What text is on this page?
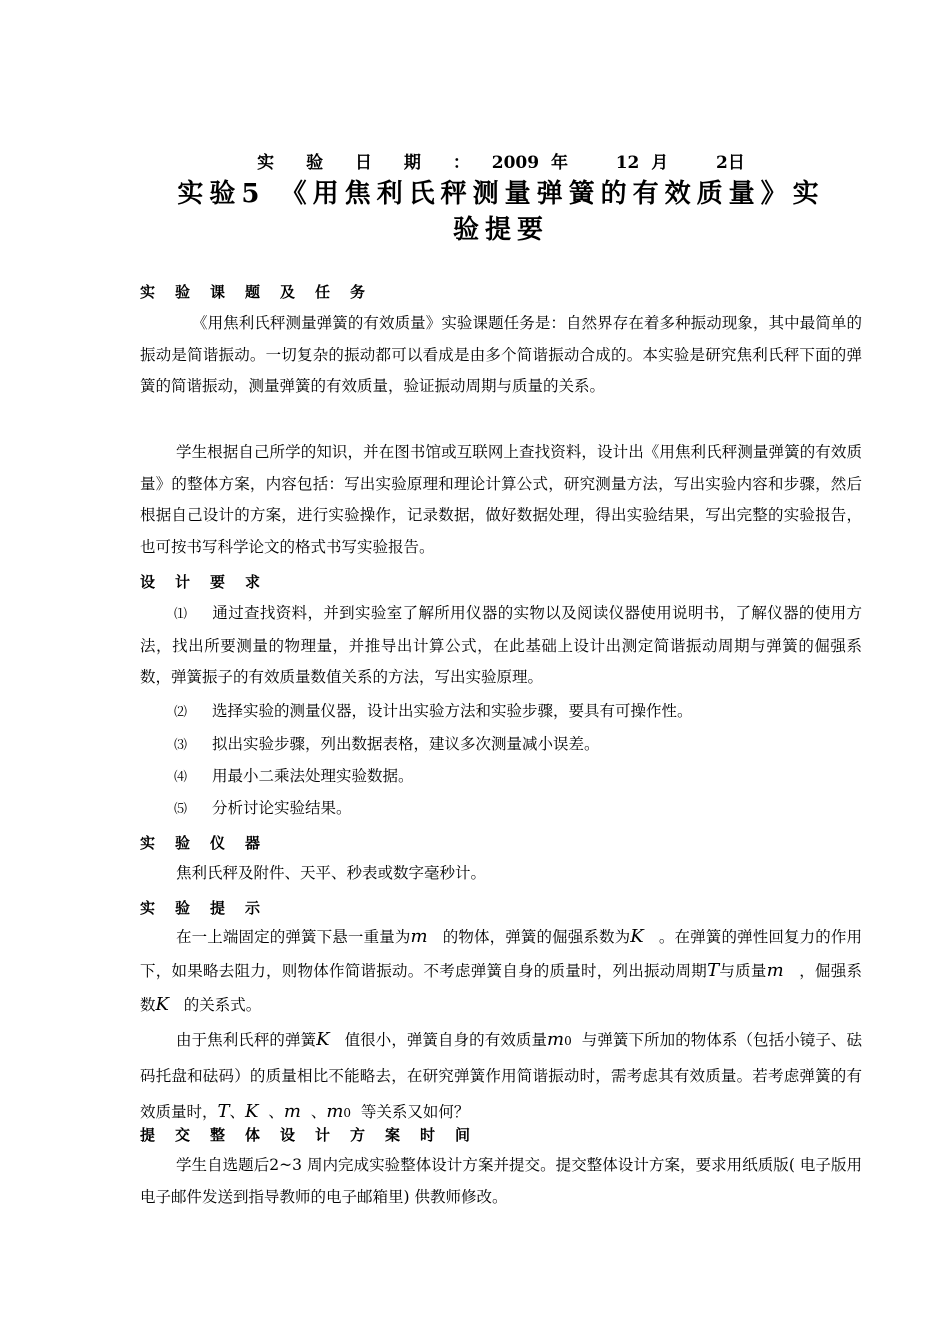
实 验 日 期 ： 2009 年	12 月	2日
实验5 《用焦利氏秤测量弹簧的有效质量》实
验提要
实验课题及任务
《用焦利氏秤测量弹簧的有效质量》实验课题任务是：自然界存在着多种振动现象，其中最简单的振动是简谐振动。一切复杂的振动都可以看成是由多个简谐振动合成的。本实验是研究焦利氏秤下面的弹簧的简谐振动，测量弹簧的有效质量，验证振动周期与质量的关系。
学生根据自己所学的知识，并在图书馆或互联网上查找资料，设计出《用焦利氏秤测量弹簧的有效质量》的整体方案，内容包括：写出实验原理和理论计算公式，研究测量方法，写出实验内容和步骤，然后根据自己设计的方案，进行实验操作，记录数据，做好数据处理，得出实验结果，写出完整的实验报告，也可按书写科学论文的格式书写实验报告。
设计要求
⑴ 通过查找资料，并到实验室了解所用仪器的实物以及阅读仪器使用说明书，了解仪器的使用方法，找出所要测量的物理量，并推导出计算公式，在此基础上设计出测定简谐振动周期与弹簧的倔强系数，弹簧振子的有效质量数值关系的方法，写出实验原理。
⑵ 选择实验的测量仪器，设计出实验方法和实验步骤，要具有可操作性。
⑶ 拟出实验步骤，列出数据表格，建议多次测量减小误差。
⑷ 用最小二乘法处理实验数据。
⑸ 分析讨论实验结果。
实验仪器
焦利氏秤及附件、天平、秒表或数字毫秒计。
实验提示
在一上端固定的弹簧下悬一重量为m 的物体，弹簧的倔强系数为K 。在弹簧的弹性回复力的作用下，如果略去阻力，则物体作简谐振动。不考虑弹簧自身的质量时，列出振动周期T与质量m ，倔强系数K 的关系式。
由于焦利氏秤的弹簧K 值很小，弹簧自身的有效质量m0 与弹簧下所加的物体系（包括小镜子、砝码托盘和砝码）的质量相比不能略去，在研究弹簧作用简谐振动时，需考虑其有效质量。若考虑弹簧的有效质量时，T、K 、m 、m0 等关系又如何？
提交整体设计方案时间
学生自选题后2~3 周内完成实验整体设计方案并提交。提交整体设计方案，要求用纸质版( 电子版用电子邮件发送到指导教师的电子邮箱里) 供教师修改。
